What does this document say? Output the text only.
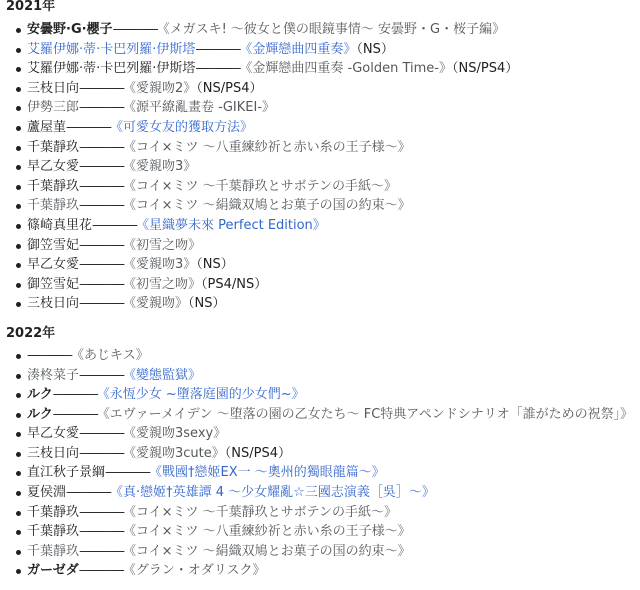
2021年
安曇野·G·櫻子————《メガスキ! ～彼女と僕の眼鏡事情～ 安曇野・G・桜子編》
艾羅伊娜·蒂·卡巴列羅·伊斯塔————《金輝戀曲四重奏》（NS）
艾羅伊娜·蒂·卡巴列羅·伊斯塔————《金輝戀曲四重奏 -Golden Time-》（NS/PS4）
三枝日向————《愛親吻2》（NS/PS4）
伊勢三郎————《源平繚亂畫卷 -GIKEI-》
蘆屋菫————《可愛女友的獲取方法》
千葉靜玖————《コイ×ミツ ～八重練紗祈と赤い糸の王子様～》
早乙女愛————《愛親吻3》
千葉靜玖————《コイ×ミツ ～千葉靜玖とサボテンの手紙～》
千葉靜玖————《コイ×ミツ ～絹織双鳩とお菓子の国の約束～》
篠崎真里花————《星織夢未來 Perfect Edition》
御笠雪妃————《初雪之吻》
早乙女愛————《愛親吻3》（NS）
御笠雪妃————《初雪之吻》（PS4/NS）
三枝日向————《愛親吻》（NS）
2022年
————《あじキス》
湊柊菜子————《變態監獄》
ルク————《永恆少女 ~墮落庭園的少女們~》
ルク————《エヴァーメイデン ～堕落の園の乙女たち～ FC特典アペンドシナリオ「誰がための祝祭」》
早乙女愛————《愛親吻3sexy》
三枝日向————《愛親吻3cute》（NS/PS4）
直江秋子景綱————《戰國†戀姬EX一 ～奧州的獨眼龍篇～》
夏侯淵————《真·戀姬†英雄譚 4 ～少女耀亂☆三國志演義［吳］～》
千葉靜玖————《コイ×ミツ ～千葉靜玖とサボテンの手紙～》
千葉靜玖————《コイ×ミツ ～八重練紗祈と赤い糸の王子様～》
千葉靜玖————《コイ×ミツ ～絹織双鳩とお菓子の国の約束～》
ガーゼダ————《グラン・オダリスク》
